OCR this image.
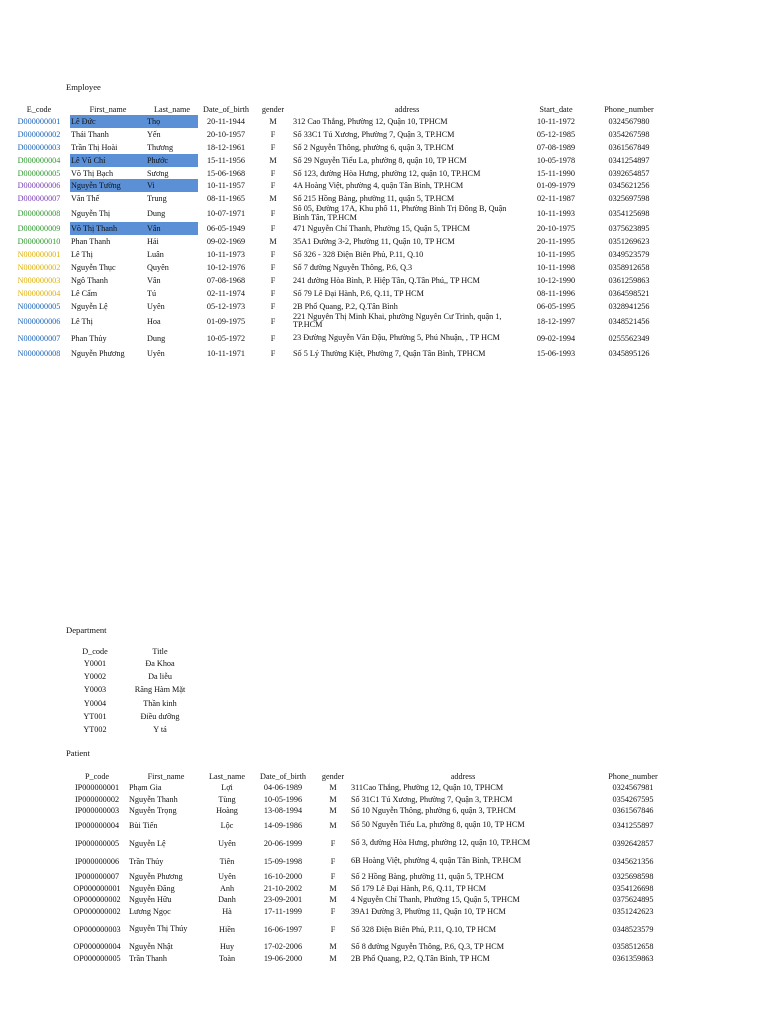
Employee
E_code	First_name	Last_name	Date_of_birth	gender	address	Start_date	Phone_number
D000000001	Lê Đức	Thọ	20-11-1944	M	312 Cao Thắng, Phường 12, Quận 10, TPHCM	10-11-1972	0324567980
D000000002	Thái Thanh	Yến	20-10-1957	F	Số 33C1 Tú Xương, Phường 7, Quận 3, TP.HCM	05-12-1985	0354267598
D000000003	Trần Thị Hoài	Thương	18-12-1961	F	Số 2 Nguyễn Thông, phường 6, quận 3, TP.HCM	07-08-1989	0361567849
D000000004	Lê Vũ Chí	Phước	15-11-1956	M	Số 29 Nguyễn Tiểu La, phường 8, quận 10, TP HCM	10-05-1978	0341254897
D000000005	Võ Thị Bạch	Sương	15-06-1968	F	Số 123, đường Hòa Hưng, phường 12, quận 10, TP.HCM	15-11-1990	0392654857
D000000006	Nguyễn Tường	Vi	10-11-1957	F	4A Hoàng Việt, phường 4, quận Tân Bình, TP.HCM	01-09-1979	0345621256
D000000007	Văn Thế	Trung	08-11-1965	M	Số 215 Hồng Bàng, phường 11, quận 5, TP.HCM	02-11-1987	0325697598
D000000008	Nguyễn Thị	Dung	10-07-1971	F	Số 05, Đường 17A, Khu phố 11, Phường Bình Trị Đông B, Quận Bình Tân, TP.HCM	10-11-1993	0354125698
D000000009	Võ Thị Thanh	Vân	06-05-1949	F	471 Nguyễn Chí Thanh, Phường 15, Quận 5, TPHCM	20-10-1975	0375623895
D000000010	Phan Thanh	Hải	09-02-1969	M	35A1 Đường 3-2, Phường 11, Quận 10, TP HCM	20-11-1995	0351269623
N000000001	Lê Thị	Luân	10-11-1973	F	Số 326 - 328 Điện Biên Phủ, P.11, Q.10	10-11-1995	0349523579
N000000002	Nguyễn Thục	Quyên	10-12-1976	F	Số 7 đường Nguyễn Thông, P.6, Q.3	10-11-1998	0358912658
N000000003	Ngô Thanh	Vân	07-08-1968	F	241 đường Hòa Bình, P. Hiệp Tân, Q.Tân Phú,, TP HCM	10-12-1990	0361259863
N000000004	Lê Cẩm	Tú	02-11-1974	F	Số 79 Lê Đại Hành, P.6, Q.11, TP HCM	08-11-1996	0364598521
N000000005	Nguyễn Lệ	Uyên	05-12-1973	F	2B Phổ Quang, P.2, Q.Tân Bình	06-05-1995	0328941256
N000000006	Lê Thị	Hoa	01-09-1975	F	221 Nguyễn Thị Minh Khai, phường Nguyễn Cư Trinh, quận 1, TP.HCM	18-12-1997	0348521456
N000000007	Phan Thủy	Dung	10-05-1972	F	23 Đường Nguyễn Văn Đậu, Phường 5, Phú Nhuận, , TP HCM	09-02-1994	0255562349
N000000008	Nguyễn Phương	Uyên	10-11-1971	F	Số 5 Lý Thường Kiệt, Phường 7, Quận Tân Bình, TPHCM	15-06-1993	0345895126
Department
D_code	Title
Y0001	Đa Khoa
Y0002	Da liễu
Y0003	Răng Hàm Mặt
Y0004	Thần kinh
YT001	Điều dưỡng
YT002	Y tá
Patient
P_code	First_name	Last_name	Date_of_birth	gender	address	Phone_number
IP000000001	Phạm Gia	Lợi	04-06-1989	M	311Cao Thắng, Phường 12, Quận 10, TPHCM	0324567981
IP000000002	Nguyễn Thanh	Tùng	10-05-1996	M	Số 31C1 Tú Xương, Phường 7, Quận 3, TP.HCM	0354267595
IP000000003	Nguyễn Trọng	Hoàng	13-08-1994	M	Số 10 Nguyễn Thông, phường 6, quận 3, TP.HCM	0361567846
IP000000004	Bùi Tiến	Lộc	14-09-1986	M	Số 50 Nguyễn Tiểu La, phường 8, quận 10, TP HCM	0341255897
IP000000005	Nguyễn Lệ	Uyên	20-06-1999	F	Số 3, đường Hòa Hưng, phường 12, quận 10, TP.HCM	0392642857
IP000000006	Trần Thủy	Tiên	15-09-1998	F	6B Hoàng Việt, phường 4, quận Tân Bình, TP.HCM	0345621356
IP000000007	Nguyễn Phương	Uyên	16-10-2000	F	Số 2 Hồng Bàng, phường 11, quận 5, TP.HCM	0325698598
OP000000001	Nguyễn Đăng	Anh	21-10-2002	M	Số 179 Lê Đại Hành, P.6, Q.11, TP HCM	0354126698
OP000000002	Nguyễn Hữu	Danh	23-09-2001	M	4 Nguyễn Chí Thanh, Phường 15, Quận 5, TPHCM	0375624895
OP000000002	Lương Ngọc	Hà	17-11-1999	F	39A1 Đường 3, Phường 11, Quận 10, TP HCM	0351242623
OP000000003	Nguyễn Thị Thúy	Hiền	16-06-1997	F	Số 328 Điện Biên Phủ, P.11, Q.10, TP HCM	0348523579
OP000000004	Nguyễn Nhật	Huy	17-02-2006	M	Số 8 đường Nguyễn Thông, P.6, Q.3, TP HCM	0358512658
OP000000005	Trần Thanh	Toàn	19-06-2000	M	2B Phổ Quang, P.2, Q.Tân Bình, TP HCM	0361359863
